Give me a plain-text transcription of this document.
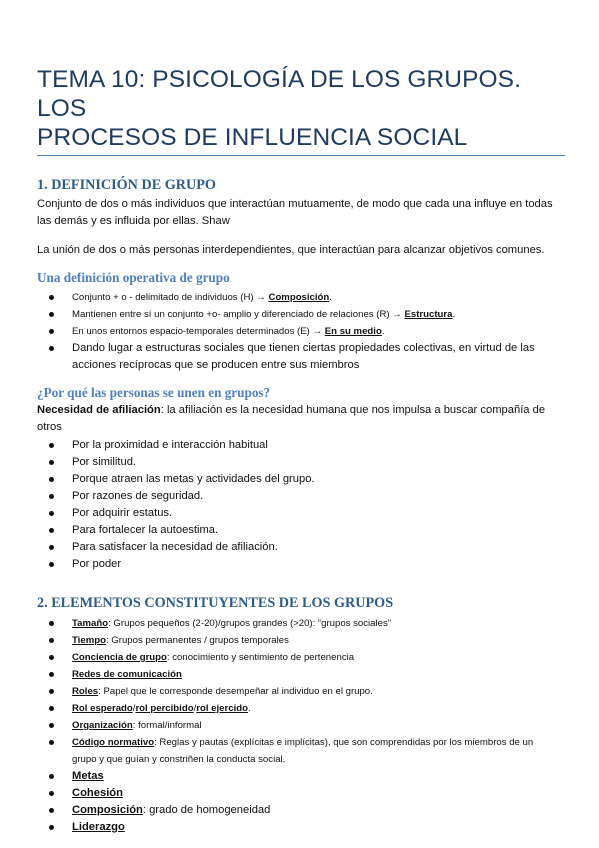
TEMA 10: PSICOLOGÍA DE LOS GRUPOS. LOS
PROCESOS DE INFLUENCIA SOCIAL
1. DEFINICIÓN DE GRUPO

Conjunto de dos o más individuos que interactúan mutuamente, de modo que cada una influye en todas
las demás y es influida por ellas. Shaw

La unión de dos o más personas interdependientes, que interactúan para alcanzar objetivos comunes.

Una definición operativa de grupo
Conjunto + o - delimitado de individuos (H) → Composición.
Mantienen entre sí un conjunto +o- amplio y diferenciado de relaciones (R) → Estructura.
En unos entornos espacio-temporales determinados (E) → En su medio.
Dando lugar a estructuras sociales que tienen ciertas propiedades colectivas, en virtud de las
acciones recíprocas que se producen entre sus miembros
¿Por qué las personas se unen en grupos?

Necesidad de afiliación: la afiliación es la necesidad humana que nos impulsa a buscar compañía de otros

Por la proximidad e interacción habitual
Por similitud.
Porque atraen las metas y actividades del grupo.
Por razones de seguridad.
Por adquirir estatus.
Para fortalecer la autoestima.
Para satisfacer la necesidad de afiliación.
Por poder
2. ELEMENTOS CONSTITUYENTES DE LOS GRUPOS
Tamaño: Grupos pequeños (2-20)/grupos grandes (>20): “grupos sociales”
Tiempo: Grupos permanentes / grupos temporales
Conciencia de grupo: conocimiento y sentimiento de pertenencia
Redes de comunicación
Roles: Papel que le corresponde desempeñar al individuo en el grupo.
Rol esperado/rol percibido/rol ejercido.
Organización: formal/informal
Código normativo: Reglas y pautas (explícitas e implícitas), que son comprendidas por los miembros de un
grupo y que guían y constriñen la conducta social.
Metas
Cohesión
Composición: grado de homogeneidad
Liderazgo
